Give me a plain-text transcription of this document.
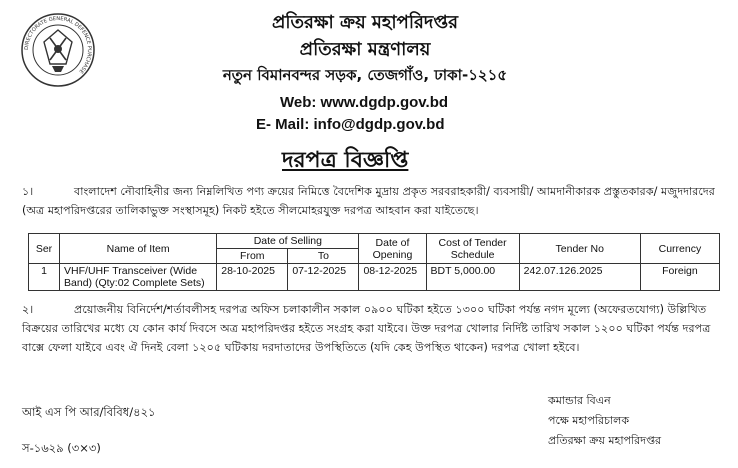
DIRECTORATE GENERAL DEFENCE PURCHASE
প্রতিরক্ষা ক্রয় মহাপরিদপ্তর
প্রতিরক্ষা মন্ত্রণালয়
নতুন বিমানবন্দর সড়ক, তেজগাঁও, ঢাকা-১২১৫
Web: www.dgdp.gov.bd
E- Mail: info@dgdp.gov.bd
দরপত্র বিজ্ঞপ্তি
১।	বাংলাদেশ নৌবাহিনীর জন্য নিম্নলিখিত পণ্য ক্রয়ের নিমিত্তে বৈদেশিক মুদ্রায় প্রকৃত সরবরাহকারী/ ব্যবসায়ী/ আমদানীকারক প্রস্তুতকারক/ মজুদদারদের (অত্র মহাপরিদপ্তরের তালিকাভুক্ত সংস্থাসমূহ) নিকট হইতে সীলমোহরযুক্ত দরপত্র আহবান করা যাইতেছে।
Ser	Name of Item	Date of Selling		Date of Opening	Cost of Tender Schedule	Tender No	Currency
		From	To				
1	VHF/UHF Transceiver (Wide Band) (Qty:02 Complete Sets)	28-10-2025	07-12-2025	08-12-2025	BDT 5,000.00	242.07.126.2025	Foreign
২।	প্রয়োজনীয় বিনির্দেশ/শর্তাবলীসহ দরপত্র অফিস চলাকালীন সকাল ০৯০০ ঘটিকা হইতে ১৩০০ ঘটিকা পর্যন্ত নগদ মূল্যে (অফেরতযোগ্য) উল্লিখিত বিক্রয়ের তারিখের মধ্যে যে কোন কার্য দিবসে অত্র মহাপরিদপ্তর হইতে সংগ্রহ করা যাইবে। উক্ত দরপত্র খোলার নির্দিষ্ট তারিখ সকাল ১২০০ ঘটিকা পর্যন্ত দরপত্র বাক্সে ফেলা যাইবে এবং ঐ দিনই বেলা ১২০৫ ঘটিকায় দরদাতাদের উপস্থিতিতে (যদি কেহ উপস্থিত থাকেন) দরপত্র খোলা হইবে।
আই এস পি আর/বিবিধ/৪২১
কমান্ডার বিএন
পক্ষে মহাপরিচালক
প্রতিরক্ষা ক্রয় মহাপরিদপ্তর
স-১৬২৯ (৩×৩)
